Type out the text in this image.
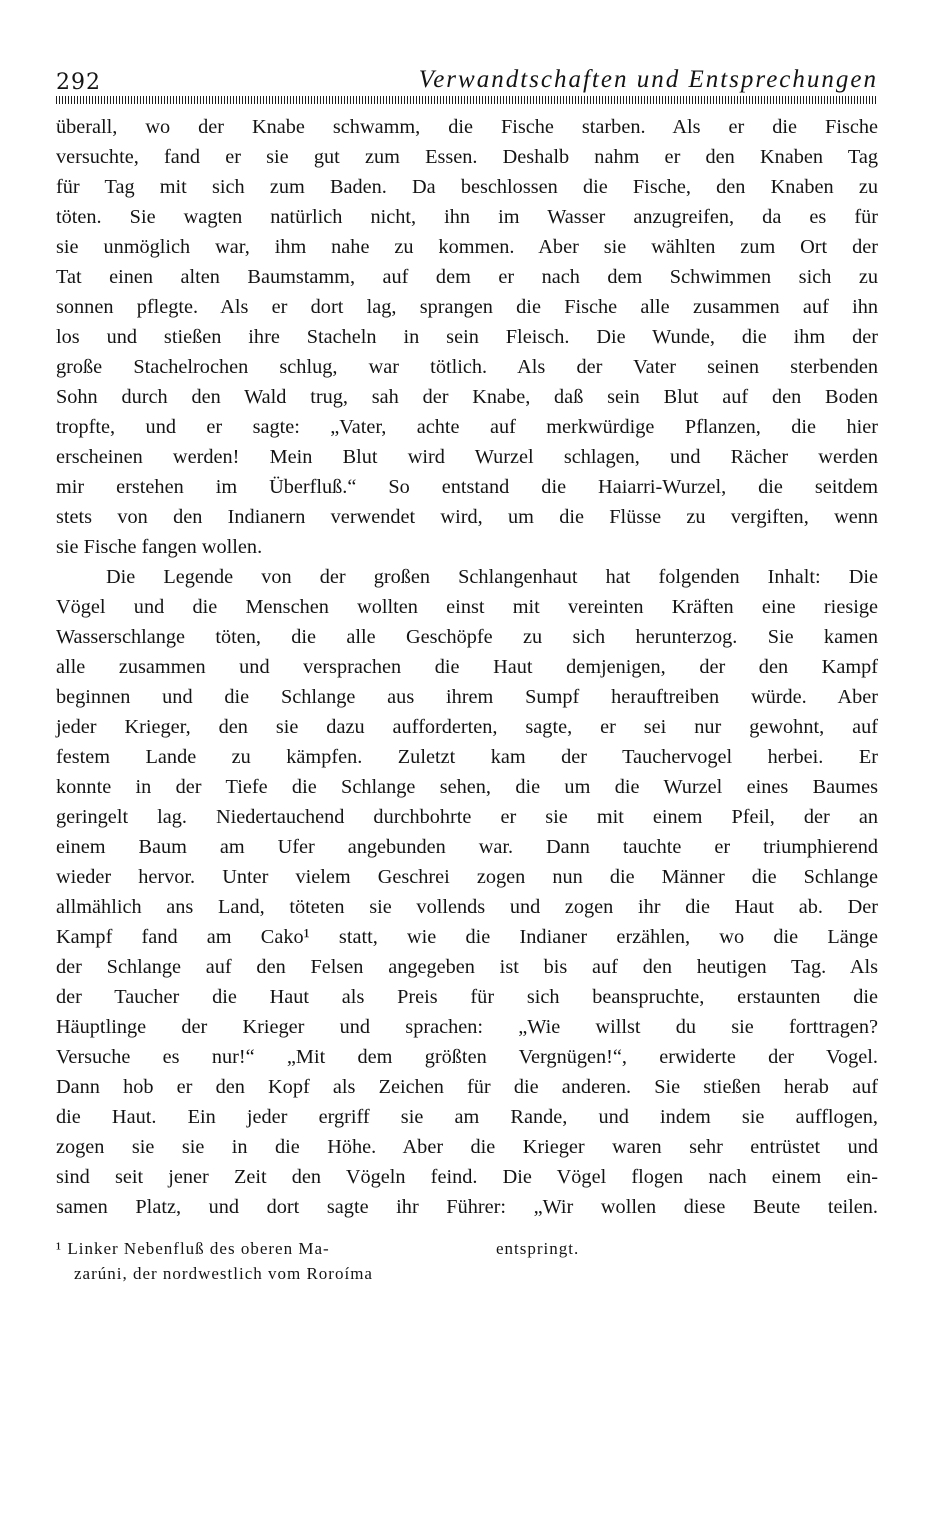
292	Verwandtschaften und Entsprechungen
überall, wo der Knabe schwamm, die Fische starben. Als er die Fische
versuchte, fand er sie gut zum Essen. Deshalb nahm er den Knaben Tag
für Tag mit sich zum Baden. Da beschlossen die Fische, den Knaben zu
töten. Sie wagten natürlich nicht, ihn im Wasser anzugreifen, da es für
sie unmöglich war, ihm nahe zu kommen. Aber sie wählten zum Ort der
Tat einen alten Baumstamm, auf dem er nach dem Schwimmen sich zu
sonnen pflegte. Als er dort lag, sprangen die Fische alle zusammen auf ihn
los und stießen ihre Stacheln in sein Fleisch. Die Wunde, die ihm der
große Stachelrochen schlug, war tötlich. Als der Vater seinen sterbenden
Sohn durch den Wald trug, sah der Knabe, daß sein Blut auf den Boden
tropfte, und er sagte: „Vater, achte auf merkwürdige Pflanzen, die hier
erscheinen werden! Mein Blut wird Wurzel schlagen, und Rächer werden
mir erstehen im Überfluß.“ So entstand die Haiarri-Wurzel, die seitdem
stets von den Indianern verwendet wird, um die Flüsse zu vergiften, wenn
sie Fische fangen wollen.
Die Legende von der großen Schlangenhaut hat folgenden Inhalt: Die
Vögel und die Menschen wollten einst mit vereinten Kräften eine riesige
Wasserschlange töten, die alle Geschöpfe zu sich herunterzog. Sie kamen
alle zusammen und versprachen die Haut demjenigen, der den Kampf
beginnen und die Schlange aus ihrem Sumpf herauftreiben würde. Aber
jeder Krieger, den sie dazu aufforderten, sagte, er sei nur gewohnt, auf
festem Lande zu kämpfen. Zuletzt kam der Tauchervogel herbei. Er
konnte in der Tiefe die Schlange sehen, die um die Wurzel eines Baumes
geringelt lag. Niedertauchend durchbohrte er sie mit einem Pfeil, der an
einem Baum am Ufer angebunden war. Dann tauchte er triumphierend
wieder hervor. Unter vielem Geschrei zogen nun die Männer die Schlange
allmählich ans Land, töteten sie vollends und zogen ihr die Haut ab. Der
Kampf fand am Cako¹ statt, wie die Indianer erzählen, wo die Länge
der Schlange auf den Felsen angegeben ist bis auf den heutigen Tag. Als
der Taucher die Haut als Preis für sich beanspruchte, erstaunten die
Häuptlinge der Krieger und sprachen: „Wie willst du sie forttragen?
Versuche es nur!“ „Mit dem größten Vergnügen!“, erwiderte der Vogel.
Dann hob er den Kopf als Zeichen für die anderen. Sie stießen herab auf
die Haut. Ein jeder ergriff sie am Rande, und indem sie aufflogen,
zogen sie sie in die Höhe. Aber die Krieger waren sehr entrüstet und
sind seit jener Zeit den Vögeln feind. Die Vögel flogen nach einem ein-
samen Platz, und dort sagte ihr Führer: „Wir wollen diese Beute teilen.
¹ Linker Nebenfluß des oberen Ma-
zarúni, der nordwestlich vom Roroíma
entspringt.
